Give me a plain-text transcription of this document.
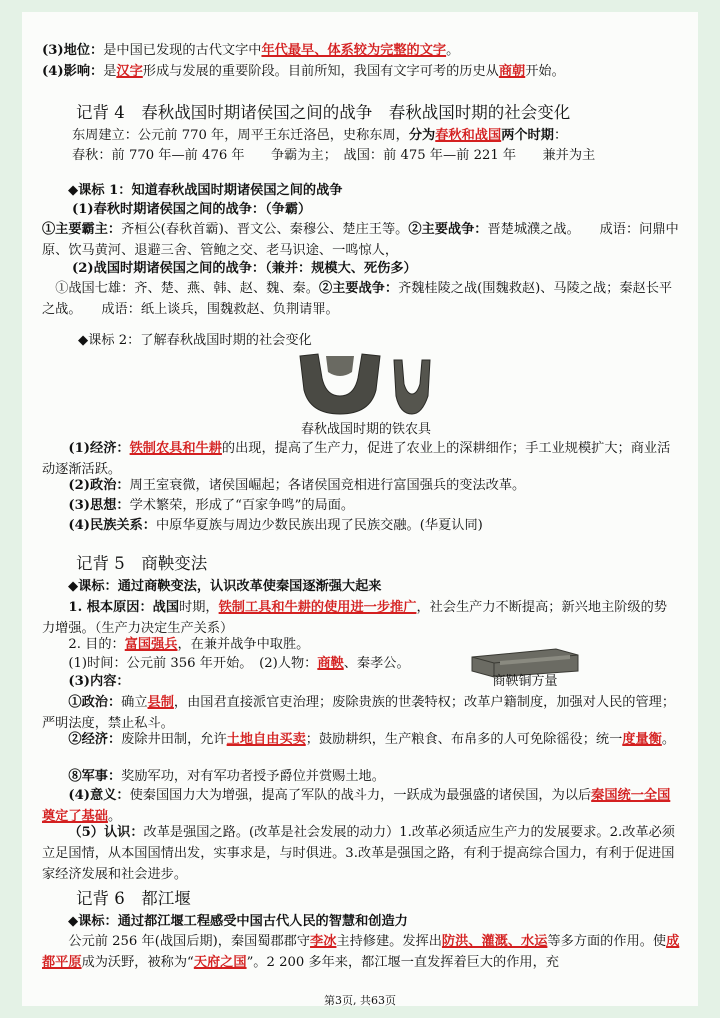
(3)地位：是中国已发现的古代文字中年代最早、体系较为完整的文字。
(4)影响：是汉字形成与发展的重要阶段。目前所知，我国有文字可考的历史从商朝开始。
记背 4　春秋战国时期诸侯国之间的战争　春秋战国时期的社会变化
东周建立：公元前 770 年，周平王东迁洛邑，史称东周，分为春秋和战国两个时期：
春秋：前 770 年—前 476 年　　争霸为主；　战国：前 475 年—前 221 年　　兼并为主
◆课标 1：知道春秋战国时期诸侯国之间的战争
(1)春秋时期诸侯国之间的战争：（争霸）
①主要霸主：齐桓公(春秋首霸)、晋文公、秦穆公、楚庄王等。②主要战争：晋楚城濮之战。　　成语：问鼎中原、饮马黄河、退避三舍、管鲍之交、老马识途、一鸣惊人，
(2)战国时期诸侯国之间的战争：（兼并：规模大、死伤多）
①战国七雄：齐、楚、燕、韩、赵、魏、秦。②主要战争：齐魏桂陵之战(围魏救赵)、马陵之战；秦赵长平之战。　　成语：纸上谈兵，围魏救赵、负荆请罪。
◆课标 2：了解春秋战国时期的社会变化
春秋战国时期的铁农具
(1)经济：铁制农具和牛耕的出现，提高了生产力，促进了农业上的深耕细作；手工业规模扩大；商业活动逐渐活跃。
(2)政治：周王室衰微，诸侯国崛起；各诸侯国竞相进行富国强兵的变法改革。
(3)思想：学术繁荣，形成了“百家争鸣”的局面。
(4)民族关系：中原华夏族与周边少数民族出现了民族交融。(华夏认同)
记背 5　商鞅变法
◆课标：通过商鞅变法，认识改革使秦国逐渐强大起来
1. 根本原因：战国时期，铁制工具和牛耕的使用进一步推广，社会生产力不断提高；新兴地主阶级的势力增强。（生产力决定生产关系）
2. 目的：富国强兵，在兼并战争中取胜。
(1)时间：公元前 356 年开始。　 (2)人物：商鞅、秦孝公。
(3)内容：	商鞅铜方量
①政治：确立县制，由国君直接派官吏治理；废除贵族的世袭特权；改革户籍制度，加强对人民的管理；严明法度，禁止私斗。
②经济：废除井田制，允许土地自由买卖；鼓励耕织，生产粮食、布帛多的人可免除徭役；统一度量衡。
⑧军事：奖励军功，对有军功者授予爵位并赏赐土地。
(4)意义：使秦国国力大为增强，提高了军队的战斗力，一跃成为最强盛的诸侯国，为以后秦国统一全国奠定了基础。
（5）认识：改革是强国之路。(改革是社会发展的动力）1.改革必须适应生产力的发展要求。2.改革必须立足国情，从本国国情出发，实事求是，与时俱进。3.改革是强国之路，有利于提高综合国力，有利于促进国家经济发展和社会进步。
记背 6　都江堰
◆课标：通过都江堰工程感受中国古代人民的智慧和创造力
公元前 256 年(战国后期)，秦国蜀郡郡守李冰主持修建。发挥出防洪、灌溉、水运等多方面的作用。使成都平原成为沃野，被称为“天府之国”。2 200 多年来，都江堰一直发挥着巨大的作用，充
第3页, 共63页
